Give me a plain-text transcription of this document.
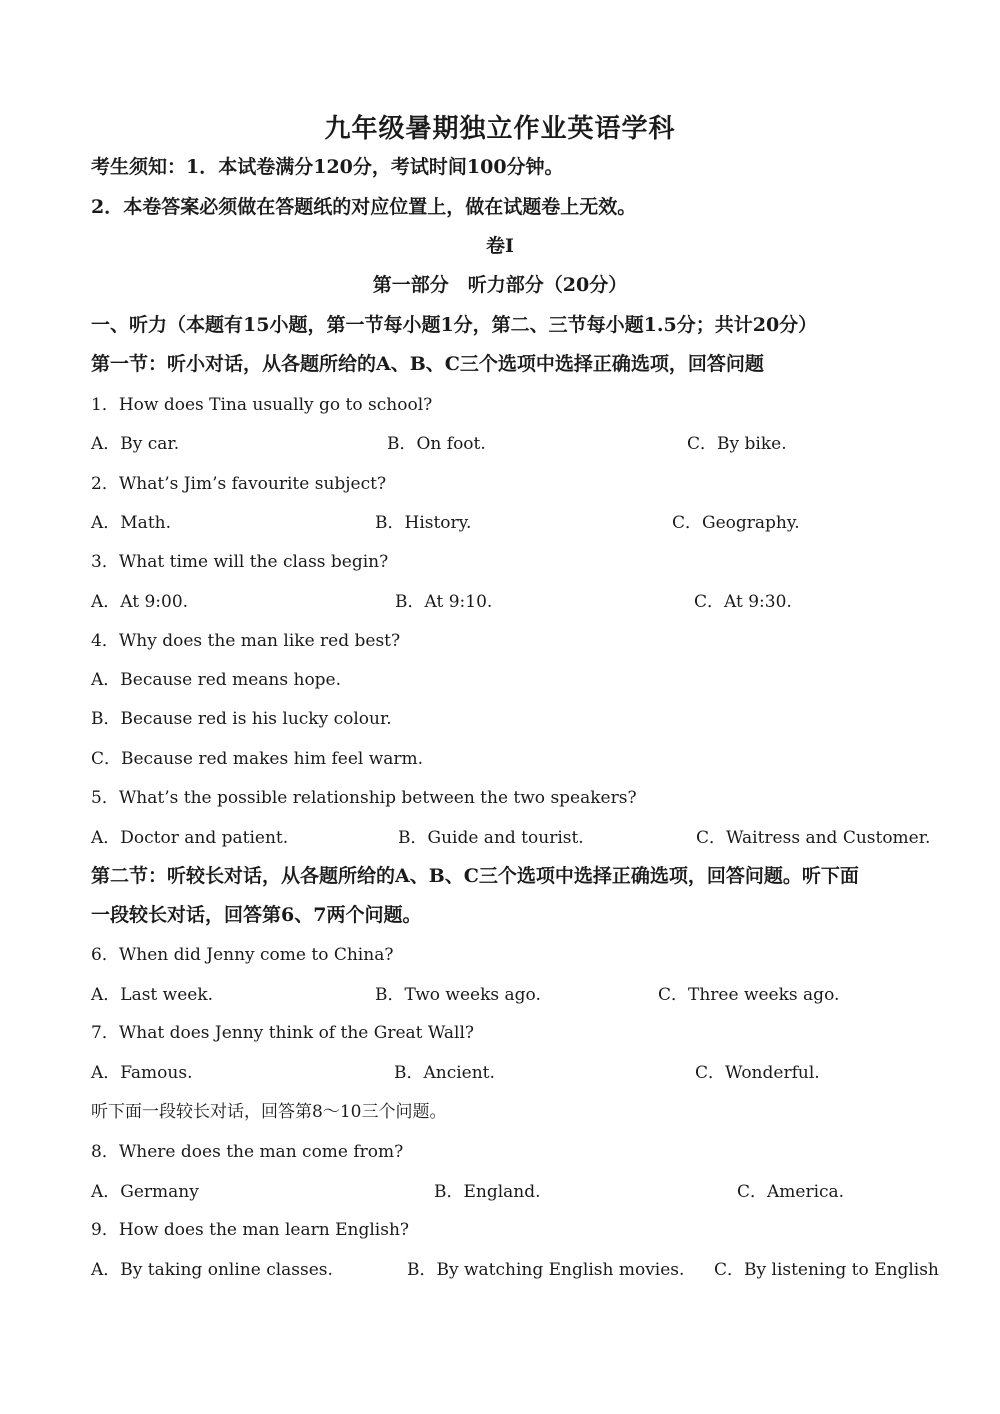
九年级暑期独立作业英语学科
考生须知：1．本试卷满分120分，考试时间100分钟。
2．本卷答案必须做在答题纸的对应位置上，做在试题卷上无效。
卷Ⅰ
第一部分　听力部分（20分）
一、听力（本题有15小题，第一节每小题1分，第二、三节每小题1.5分；共计20分）
第一节：听小对话，从各题所给的A、B、C三个选项中选择正确选项，回答问题
1．How does Tina usually go to school?
A．By car.	B．On foot.	C．By bike.
2．What’s Jim’s favourite subject?
A．Math.	B．History.	C．Geography.
3．What time will the class begin?
A．At 9:00.	B．At 9:10.	C．At 9:30.
4．Why does the man like red best?
A．Because red means hope.
B．Because red is his lucky colour.
C．Because red makes him feel warm.
5．What’s the possible relationship between the two speakers?
A．Doctor and patient.	B．Guide and tourist.	C．Waitress and Customer.
第二节：听较长对话，从各题所给的A、B、C三个选项中选择正确选项，回答问题。听下面
一段较长对话，回答第6、7两个问题。
6．When did Jenny come to China?
A．Last week.	B．Two weeks ago.	C．Three weeks ago.
7．What does Jenny think of the Great Wall?
A．Famous.	B．Ancient.	C．Wonderful.
听下面一段较长对话，回答第8～10三个问题。
8．Where does the man come from?
A．Germany	B．England.	C．America.
9．How does the man learn English?
A．By taking online classes.	B．By watching English movies. C．By listening to English
